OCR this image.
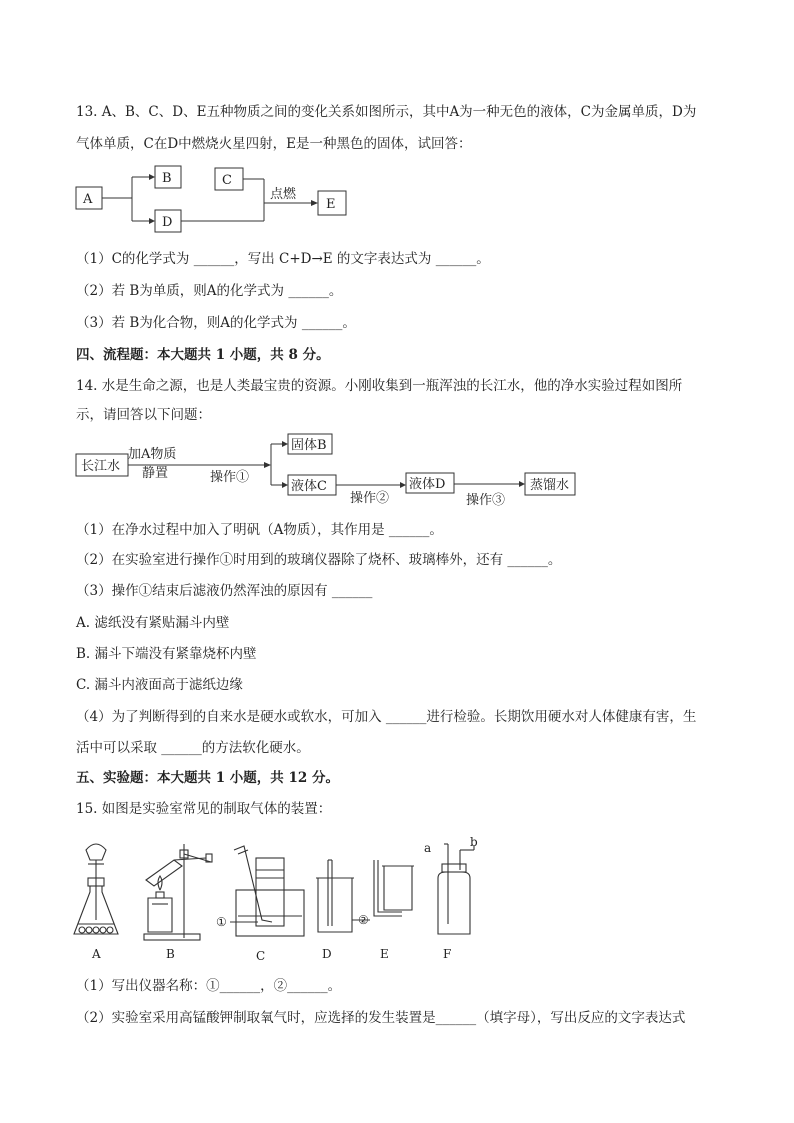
13. A、B、C、D、E五种物质之间的变化关系如图所示，其中A为一种无色的液体，C为金属单质，D为
气体单质，C在D中燃烧火星四射，E是一种黑色的固体，试回答：
A
B
D
C
E
点燃
（1）C的化学式为 ______，写出 C+D→E 的文字表达式为 ______。
（2）若 B为单质，则A的化学式为 ______。
（3）若 B为化合物，则A的化学式为 ______。
四、流程题：本大题共 1 小题，共 8 分。
14. 水是生命之源，也是人类最宝贵的资源。小刚收集到一瓶浑浊的长江水，他的净水实验过程如图所
示，请回答以下问题：
长江水
加A物质
静置	操作①
固体B
液体C
操作②
液体D
操作③
蒸馏水
（1）在净水过程中加入了明矾（A物质），其作用是 ______。
（2）在实验室进行操作①时用到的玻璃仪器除了烧杯、玻璃棒外，还有 ______。
（3）操作①结束后滤液仍然浑浊的原因有 ______
A. 滤纸没有紧贴漏斗内壁
B. 漏斗下端没有紧靠烧杯内壁
C. 漏斗内液面高于滤纸边缘
（4）为了判断得到的自来水是硬水或软水，可加入 ______进行检验。长期饮用硬水对人体健康有害，生
活中可以采取 ______的方法软化硬水。
五、实验题：本大题共 1 小题，共 12 分。
15. 如图是实验室常见的制取气体的装置：
A	B	C	D	E	F
①	②
a	b
（1）写出仪器名称：①______，②______。
（2）实验室采用高锰酸钾制取氧气时，应选择的发生装置是______（填字母），写出反应的文字表达式
